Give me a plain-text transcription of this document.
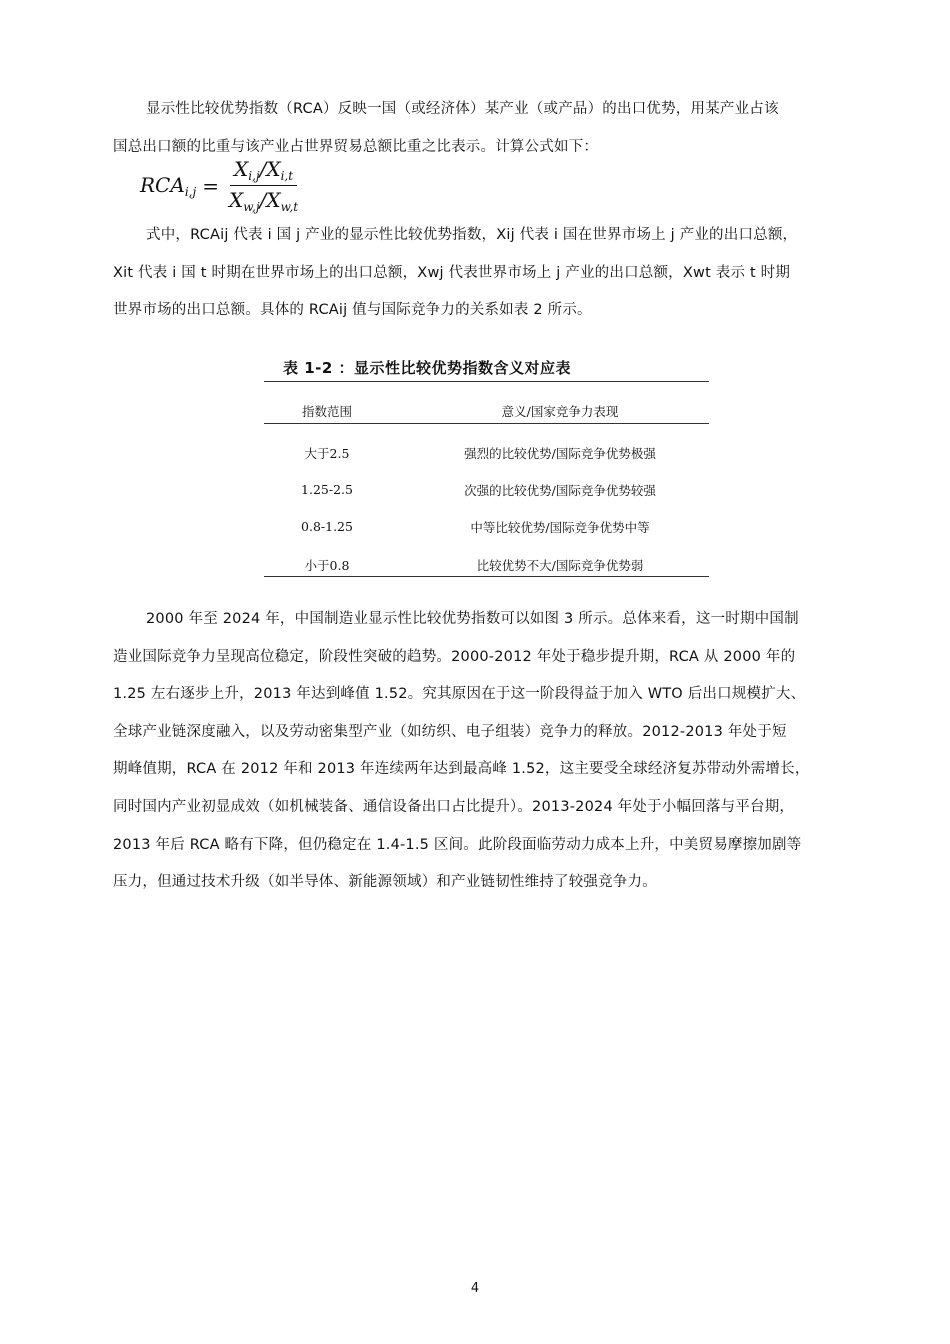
显示性比较优势指数（RCA）反映一国（或经济体）某产业（或产品）的出口优势，用某产业占该
国总出口额的比重与该产业占世界贸易总额比重之比表示。计算公式如下：

$RCA_{i,j} = \frac{X_{i,j}/X_{i,t}}{X_{w,j}/X_{w,t}}$

式中，RCAij 代表 i 国 j 产业的显示性比较优势指数，Xij 代表 i 国在世界市场上 j 产业的出口总额，
Xit 代表 i 国 t 时期在世界市场上的出口总额，Xwj 代表世界市场上 j 产业的出口总额，Xwt 表示 t 时期
世界市场的出口总额。具体的 RCAij 值与国际竞争力的关系如表 2 所示。

表 1-2 ：显示性比较优势指数含义对应表
指数范围	意义/国家竞争力表现
大于2.5	强烈的比较优势/国际竞争优势极强
1.25-2.5	次强的比较优势/国际竞争优势较强
0.8-1.25	中等比较优势/国际竞争优势中等
小于0.8	比较优势不大/国际竞争优势弱

2000 年至 2024 年，中国制造业显示性比较优势指数可以如图 3 所示。总体来看，这一时期中国制
造业国际竞争力呈现高位稳定，阶段性突破的趋势。2000-2012 年处于稳步提升期，RCA 从 2000 年的
1.25 左右逐步上升，2013 年达到峰值 1.52。究其原因在于这一阶段得益于加入 WTO 后出口规模扩大、
全球产业链深度融入，以及劳动密集型产业（如纺织、电子组装）竞争力的释放。2012-2013 年处于短
期峰值期，RCA 在 2012 年和 2013 年连续两年达到最高峰 1.52，这主要受全球经济复苏带动外需增长，
同时国内产业初显成效（如机械装备、通信设备出口占比提升）。2013-2024 年处于小幅回落与平台期，
2013 年后 RCA 略有下降，但仍稳定在 1.4-1.5 区间。此阶段面临劳动力成本上升，中美贸易摩擦加剧等
压力，但通过技术升级（如半导体、新能源领域）和产业链韧性维持了较强竞争力。

4
